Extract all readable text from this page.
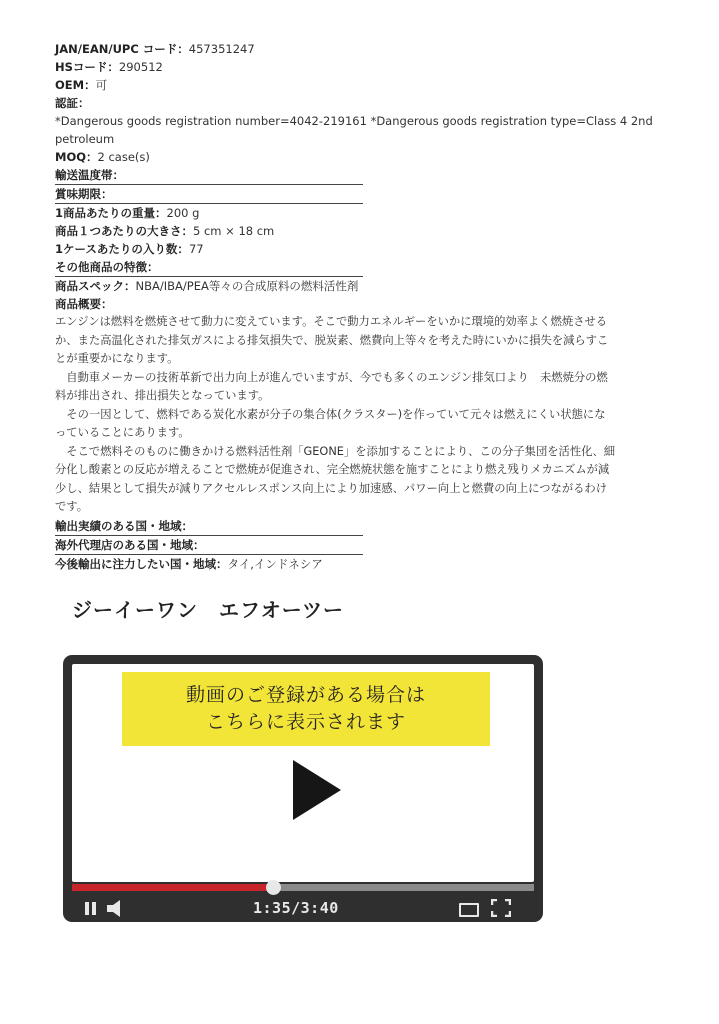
JAN/EAN/UPC コード：457351247
HSコード：290512
OEM：可
認証：
*Dangerous goods registration number=4042-219161 *Dangerous goods registration type=Class 4 2nd
petroleum
MOQ：2 case(s)
輸送温度帯：
賞味期限：
1商品あたりの重量：200 g
商品１つあたりの大きさ：5 cm × 18 cm
1ケースあたりの入り数：77
その他商品の特徴：
商品スペック：NBA/IBA/PEA等々の合成原料の燃料活性剤
商品概要：

エンジンは燃料を燃焼させて動力に変えています。そこで動力エネルギーをいかに環境的効率よく燃焼させる

か、また高温化された排気ガスによる排気損失で、脱炭素、燃費向上等々を考えた時にいかに損失を減らすこ

とが重要かになります。

自動車メーカーの技術革新で出力向上が進んでいますが、今でも多くのエンジン排気口より　未燃焼分の燃

料が排出され、排出損失となっています。

その一因として、燃料である炭化水素が分子の集合体(クラスター)を作っていて元々は燃えにくい状態にな

っていることにあります。

そこで燃料そのものに働きかける燃料活性剤「GEONE」を添加することにより、この分子集団を活性化、細

分化し酸素との反応が増えることで燃焼が促進され、完全燃焼状態を施すことにより燃え残りメカニズムが減

少し、結果として損失が減りアクセルレスポンス向上により加速感、パワー向上と燃費の向上につながるわけ

です。

輸出実績のある国・地域：
海外代理店のある国・地域：
今後輸出に注力したい国・地域：タイ,インドネシア
ジーイーワン　エフオーツー
動画のご登録がある場合は
こちらに表示されます
1:35/3:40
